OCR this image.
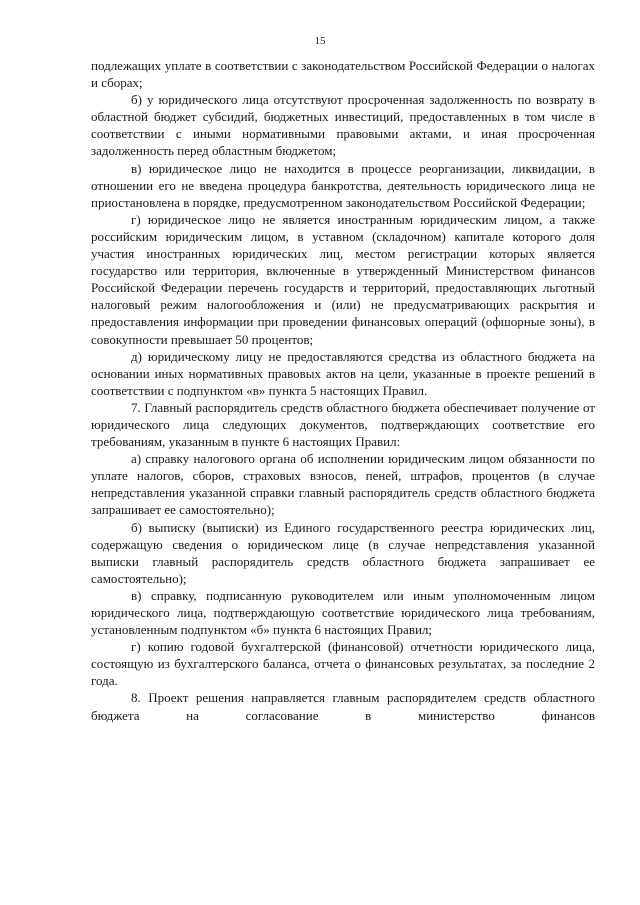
15

подлежащих уплате в соответствии с законодательством Российской Федерации о налогах и сборах;

б) у юридического лица отсутствуют просроченная задолженность по возврату в областной бюджет субсидий, бюджетных инвестиций, предоставленных в том числе в соответствии с иными нормативными правовыми актами, и иная просроченная задолженность перед областным бюджетом;

в) юридическое лицо не находится в процессе реорганизации, ликвидации, в отношении его не введена процедура банкротства, деятельность юридического лица не приостановлена в порядке, предусмотренном законодательством Российской Федерации;

г) юридическое лицо не является иностранным юридическим лицом, а также российским юридическим лицом, в уставном (складочном) капитале которого доля участия иностранных юридических лиц, местом регистрации которых является государство или территория, включенные в утвержденный Министерством финансов Российской Федерации перечень государств и территорий, предоставляющих льготный налоговый режим налогообложения и (или) не предусматривающих раскрытия и предоставления информации при проведении финансовых операций (офшорные зоны), в совокупности превышает 50 процентов;

д) юридическому лицу не предоставляются средства из областного бюджета на основании иных нормативных правовых актов на цели, указанные в проекте решений в соответствии с подпунктом «в» пункта 5 настоящих Правил.

7. Главный распорядитель средств областного бюджета обеспечивает получение от юридического лица следующих документов, подтверждающих соответствие его требованиям, указанным в пункте 6 настоящих Правил:

а) справку налогового органа об исполнении юридическим лицом обязанности по уплате налогов, сборов, страховых взносов, пеней, штрафов, процентов (в случае непредставления указанной справки главный распорядитель средств областного бюджета запрашивает ее самостоятельно);

б) выписку (выписки) из Единого государственного реестра юридических лиц, содержащую сведения о юридическом лице (в случае непредставления указанной выписки главный распорядитель средств областного бюджета запрашивает ее самостоятельно);

в) справку, подписанную руководителем или иным уполномоченным лицом юридического лица, подтверждающую соответствие юридического лица требованиям, установленным подпунктом «б» пункта 6 настоящих Правил;

г) копию годовой бухгалтерской (финансовой) отчетности юридического лица, состоящую из бухгалтерского баланса, отчета о финансовых результатах, за последние 2 года.

8. Проект решения направляется главным распорядителем средств областного бюджета на согласование в министерство финансов
